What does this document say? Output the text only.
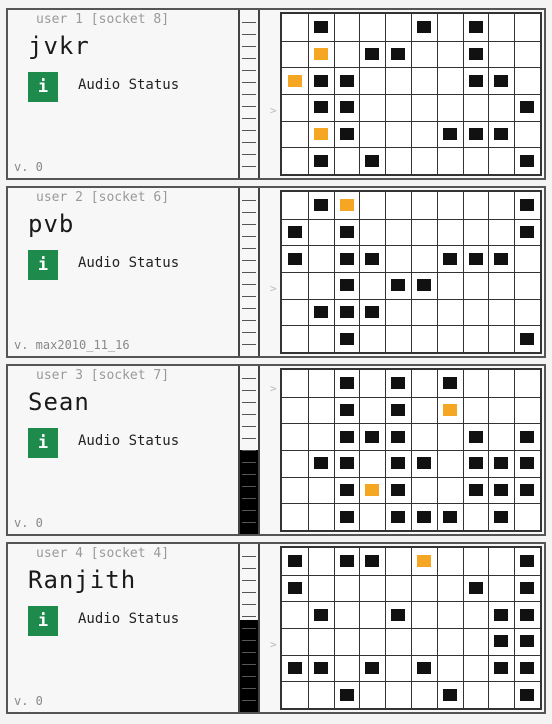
user 1 [socket 8]
jvkr
i	Audio Status
v. 0
>
user 2 [socket 6]
pvb
i	Audio Status
v. max2010_11_16
>
user 3 [socket 7]
Sean
i	Audio Status
v. 0
>
user 4 [socket 4]
Ranjith
i	Audio Status
v. 0
>
